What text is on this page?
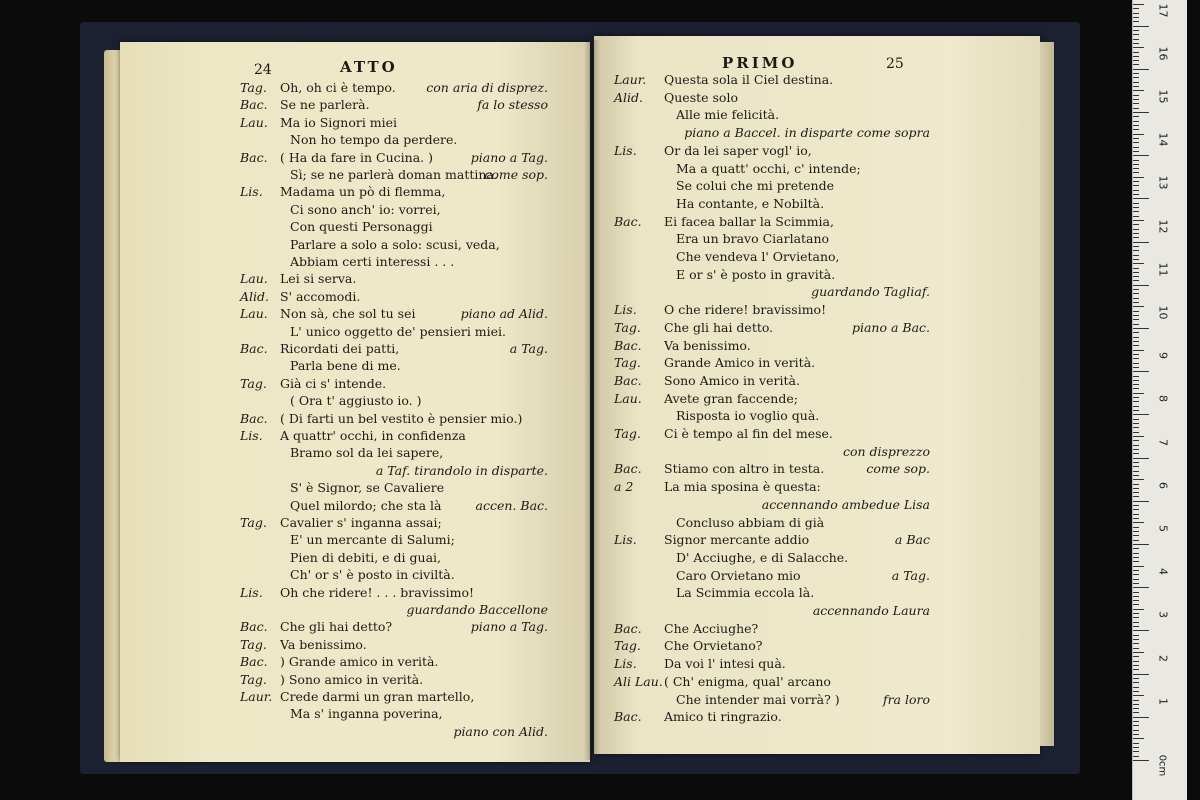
24	ATTO
Tag. Oh, oh ci è tempo. con aria di disprez.
Bac. Se ne parlerà.	fa lo stesso
Lau. Ma io Signori miei
Non ho tempo da perdere.
Bac. ( Ha da fare in Cucina. )	piano a Tag.
Sì; se ne parlerà doman mattina.
come sop.
Lis. Madama un pò di flemma,
Ci sono anch' io: vorrei,
Con questi Personaggi
Parlare a solo a solo: scusi, veda,
Abbiam certi interessi . . .
Lau. Lei si serva.
Alid. S' accomodi.
Lau. Non sà, che sol tu sei	piano ad Alid.
L' unico oggetto de' pensieri miei.
Bac. Ricordati dei patti,	a Tag.
Parla bene di me.
Tag. Già ci s' intende.
( Ora t' aggiusto io. )
Bac. ( Di farti un bel vestito è pensier mio.)
Lis. A quattr' occhi, in confidenza
Bramo sol da lei sapere,
a Taf. tirandolo in disparte.
S' è Signor, se Cavaliere
Quel milordo; che sta là	accen. Bac.
Tag. Cavalier s' inganna assai;
E' un mercante di Salumi;
Pien di debiti, e di guai,
Ch' or s' è posto in civiltà.
Lis. Oh che ridere! . . . bravissimo!
guardando Baccellone
Bac. Che gli hai detto?	piano a Tag.
Tag. Va benissimo.
Bac. ) Grande amico in verità.
Tag. ) Sono amico in verità.
Laur. Crede darmi un gran martello,
Ma s' inganna poverina,
piano con Alid.
PRIMO	25
Laur. Questa sola il Ciel destina.
Alid. Queste solo
Alle mie felicità.
piano a Baccel. in disparte come sopra
Lis. Or da lei saper vogl' io,
Ma a quatt' occhi, c' intende;
Se colui che mi pretende
Ha contante, e Nobiltà.
Bac. Ei facea ballar la Scimmia,
Era un bravo Ciarlatano
Che vendeva l' Orvietano,
E or s' è posto in gravità.
guardando Tagliaf.
Lis. O che ridere! bravissimo!
Tag. Che gli hai detto.	piano a Bac.
Bac. Va benissimo.
Tag. Grande Amico in verità.
Bac. Sono Amico in verità.
Lau. Avete gran faccende;
Risposta io voglio quà.
Tag. Ci è tempo al fin del mese.
con disprezzo
Bac. Stiamo con altro in testa.	come sop.
a 2 La mia sposina è questa:
accennando ambedue Lisa
Concluso abbiam di già
Lis. Signor mercante addio	a Bac
D' Acciughe, e di Salacche.
Caro Orvietano mio	a Tag.
La Scimmia eccola là.
accennando Laura
Bac. Che Acciughe?
Tag. Che Orvietano?
Lis. Da voi l' intesi quà.
Ali Lau. ( Ch' enigma, qual' arcano
Che intender mai vorrà? )	fra loro
Bac. Amico ti ringrazio.
0cm
17
16
15
14
13
12
11
10
9
8
7
6
5
4
3
2
1
